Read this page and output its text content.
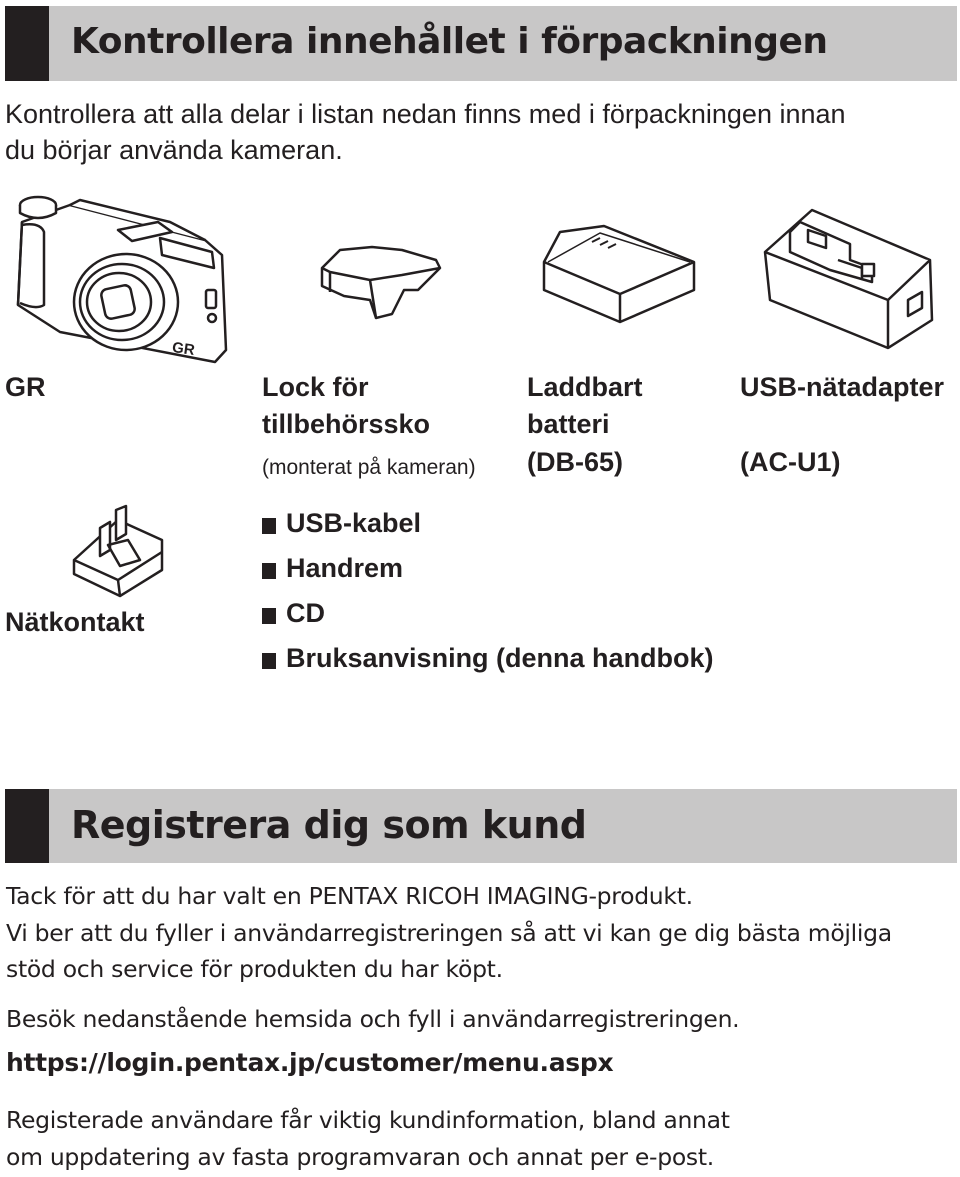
Kontrollera innehållet i förpackningen
Kontrollera att alla delar i listan nedan finns med i förpackningen innan
du börjar använda kameran.
GR
GR	Lock för
tillbehörssko
(monterat på kameran)
Laddbart
batteri
(DB-65)
USB-nätadapter
(AC-U1)
Nätkontakt
USB-kabel
Handrem
CD
Bruksanvisning (denna handbok)
Registrera dig som kund
Tack för att du har valt en PENTAX RICOH IMAGING-produkt.
Vi ber att du fyller i användarregistreringen så att vi kan ge dig bästa möjliga
stöd och service för produkten du har köpt.
Besök nedanstående hemsida och fyll i användarregistreringen.
https://login.pentax.jp/customer/menu.aspx
Registerade användare får viktig kundinformation, bland annat
om uppdatering av fasta programvaran och annat per e-post.
